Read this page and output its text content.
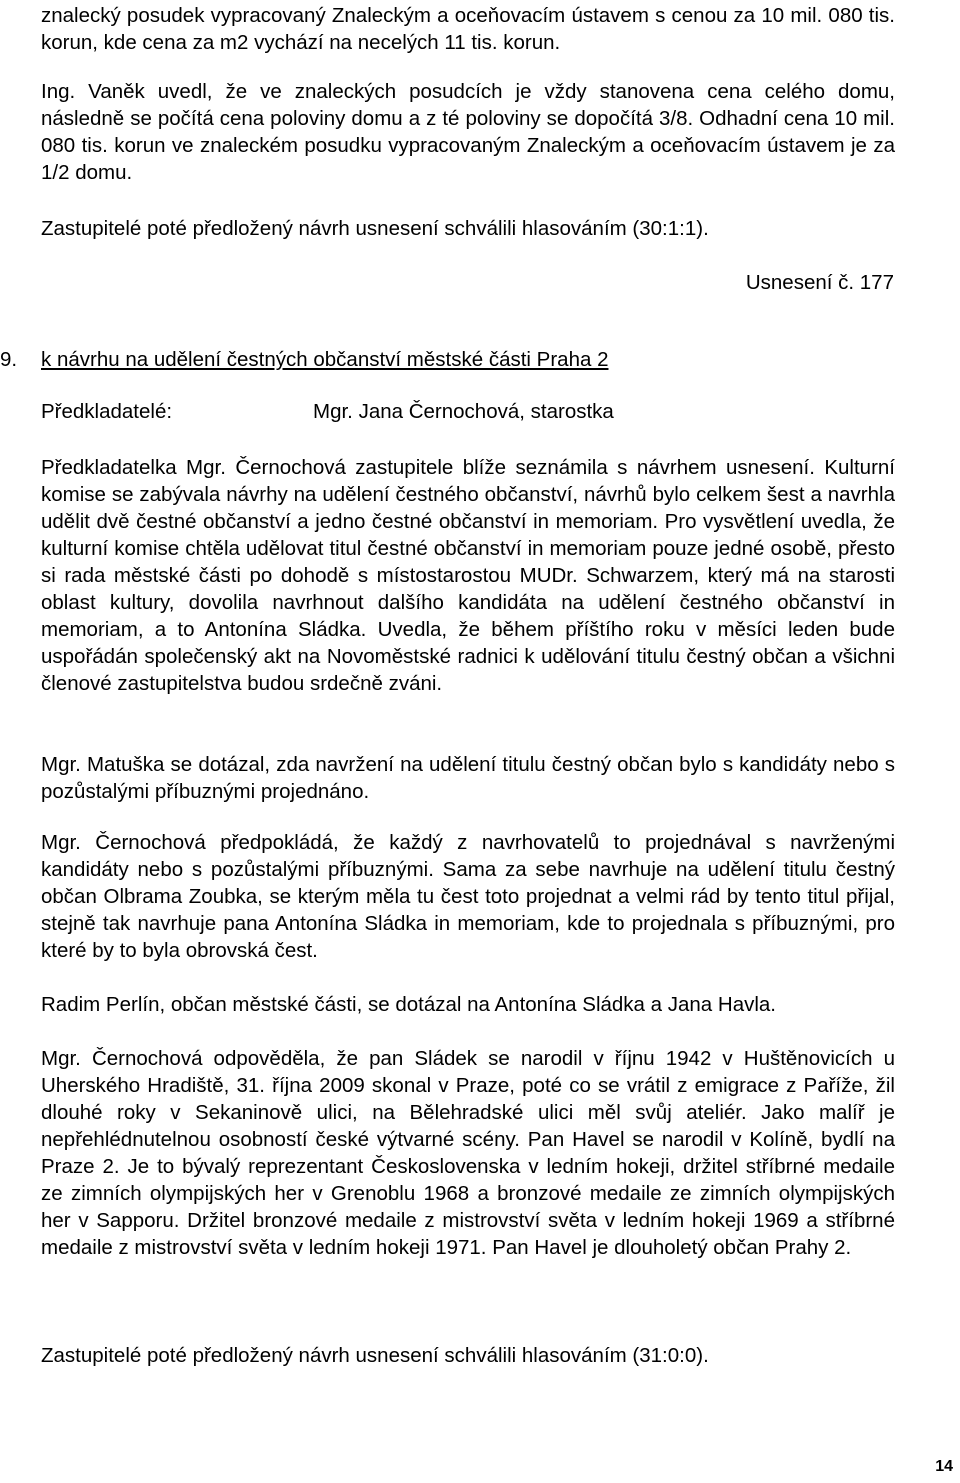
znalecký posudek vypracovaný Znaleckým a oceňovacím ústavem s cenou za 10 mil. 080 tis. korun, kde cena za m2 vychází na necelých 11 tis. korun.
Ing. Vaněk uvedl, že ve znaleckých posudcích je vždy stanovena cena celého domu, následně se počítá cena poloviny domu a z té poloviny se dopočítá 3/8. Odhadní cena 10 mil. 080 tis. korun ve znaleckém posudku vypracovaným Znaleckým a oceňovacím ústavem je za 1/2 domu.
Zastupitelé poté předložený návrh usnesení schválili hlasováním (30:1:1).
Usnesení č. 177
9. k návrhu na udělení čestných občanství městské části Praha 2
Předkladatelé:	Mgr. Jana Černochová, starostka
Předkladatelka Mgr. Černochová zastupitele blíže seznámila s návrhem usnesení. Kulturní komise se zabývala návrhy na udělení čestného občanství, návrhů bylo celkem šest a navrhla udělit dvě čestné občanství a jedno čestné občanství in memoriam. Pro vysvětlení uvedla, že kulturní komise chtěla udělovat titul čestné občanství in memoriam pouze jedné osobě, přesto si rada městské části po dohodě s místostarostou MUDr. Schwarzem, který má na starosti oblast kultury, dovolila navrhnout dalšího kandidáta na udělení čestného občanství in memoriam, a to Antonína Sládka. Uvedla, že během příštího roku v měsíci leden bude uspořádán společenský akt na Novoměstské radnici k udělování titulu čestný občan a všichni členové zastupitelstva budou srdečně zváni.
Mgr. Matuška se dotázal, zda navržení na udělení titulu čestný občan bylo s kandidáty nebo s pozůstalými příbuznými projednáno.
Mgr. Černochová předpokládá, že každý z navrhovatelů to projednával s navrženými kandidáty nebo s pozůstalými příbuznými. Sama za sebe navrhuje na udělení titulu čestný občan Olbrama Zoubka, se kterým měla tu čest toto projednat a velmi rád by tento titul přijal, stejně tak navrhuje pana Antonína Sládka in memoriam, kde to projednala s příbuznými, pro které by to byla obrovská čest.
Radim Perlín, občan městské části, se dotázal na Antonína Sládka a Jana Havla.
Mgr. Černochová odpověděla, že pan Sládek se narodil v říjnu 1942 v Huštěnovicích u Uherského Hradiště, 31. října 2009 skonal v Praze, poté co se vrátil z emigrace z Paříže, žil dlouhé roky v Sekaninově ulici, na Bělehradské ulici měl svůj ateliér. Jako malíř je nepřehlédnutelnou osobností české výtvarné scény. Pan Havel se narodil v Kolíně, bydlí na Praze 2. Je to bývalý reprezentant Československa v ledním hokeji, držitel stříbrné medaile ze zimních olympijských her v Grenoblu 1968 a bronzové medaile ze zimních olympijských her v Sapporu. Držitel bronzové medaile z mistrovství světa v ledním hokeji 1969 a stříbrné medaile z mistrovství světa v ledním hokeji 1971. Pan Havel je dlouholetý občan Prahy 2.
Zastupitelé poté předložený návrh usnesení schválili hlasováním (31:0:0).
14
